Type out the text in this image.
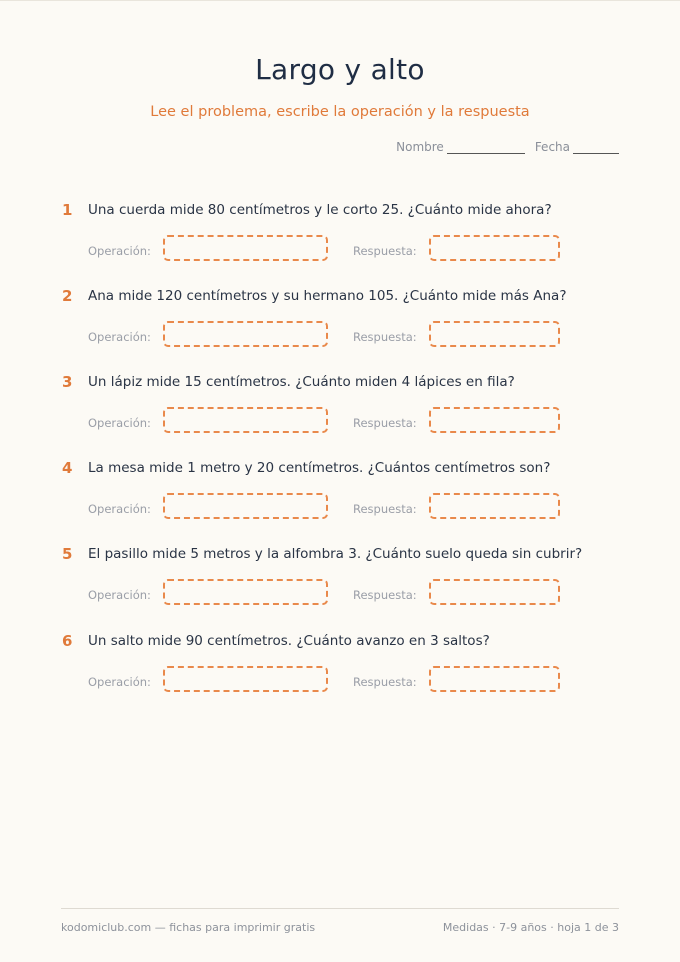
Largo y alto
Lee el problema, escribe la operación y la respuesta
Nombre	Fecha
1 Una cuerda mide 80 centímetros y le corto 25. ¿Cuánto mide ahora?
Operación:	Respuesta:
2 Ana mide 120 centímetros y su hermano 105. ¿Cuánto mide más Ana?
Operación:	Respuesta:
3 Un lápiz mide 15 centímetros. ¿Cuánto miden 4 lápices en fila?
Operación:	Respuesta:
4 La mesa mide 1 metro y 20 centímetros. ¿Cuántos centímetros son?
Operación:	Respuesta:
5 El pasillo mide 5 metros y la alfombra 3. ¿Cuánto suelo queda sin cubrir?
Operación:	Respuesta:
6 Un salto mide 90 centímetros. ¿Cuánto avanzo en 3 saltos?
Operación:	Respuesta:
kodomiclub.com — fichas para imprimir gratis	Medidas · 7-9 años · hoja 1 de 3
